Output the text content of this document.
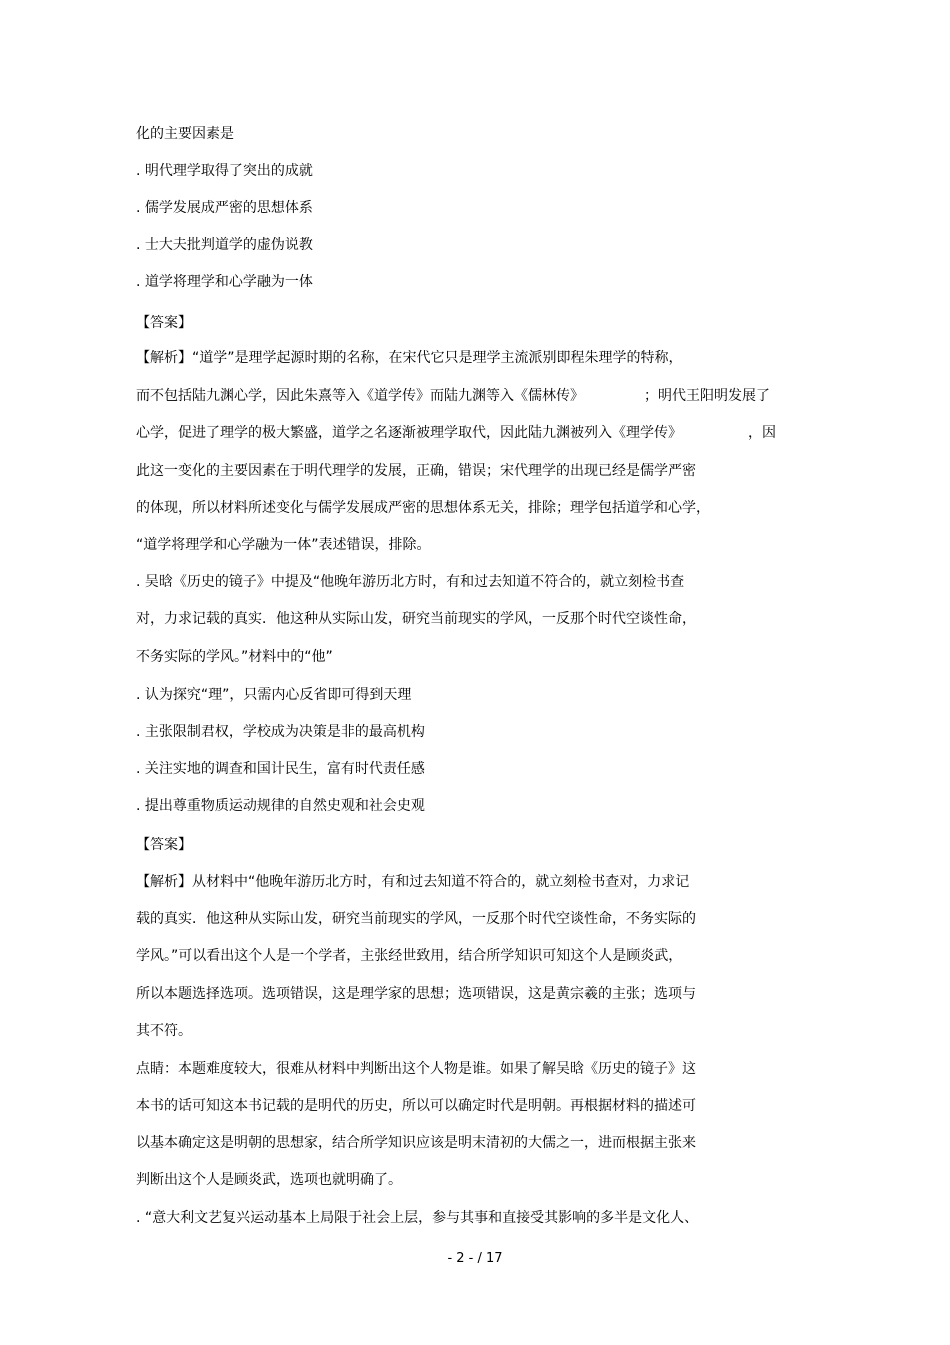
化的主要因素是
. 明代理学取得了突出的成就
. 儒学发展成严密的思想体系
. 士大夫批判道学的虚伪说教
. 道学将理学和心学融为一体
【答案】
【解析】“道学”是理学起源时期的名称，在宋代它只是理学主流派别即程朱理学的特称，
而不包括陆九渊心学，因此朱熹等入《道学传》而陆九渊等入《儒林传》	；明代王阳明发展了
心学，促进了理学的极大繁盛，道学之名逐渐被理学取代，因此陆九渊被列入《理学传》	，因
此这一变化的主要因素在于明代理学的发展，正确，错误；宋代理学的出现已经是儒学严密
的体现，所以材料所述变化与儒学发展成严密的思想体系无关，排除；理学包括道学和心学，
“道学将理学和心学融为一体”表述错误，排除。
. 吴晗《历史的镜子》中提及“他晚年游历北方时，有和过去知道不符合的，就立刻检书查
对，力求记载的真实．他这种从实际山发，研究当前现实的学风，一反那个时代空谈性命，
不务实际的学风。”材料中的“他”
. 认为探究“理”，只需内心反省即可得到天理
. 主张限制君权，学校成为决策是非的最高机构
. 关注实地的调查和国计民生，富有时代责任感
. 提出尊重物质运动规律的自然史观和社会史观
【答案】
【解析】从材料中“他晚年游历北方时，有和过去知道不符合的，就立刻检书查对，力求记
载的真实．他这种从实际山发，研究当前现实的学风，一反那个时代空谈性命，不务实际的
学风。”可以看出这个人是一个学者，主张经世致用，结合所学知识可知这个人是顾炎武，
所以本题选择选项。选项错误，这是理学家的思想；选项错误，这是黄宗羲的主张；选项与
其不符。
点睛：本题难度较大，很难从材料中判断出这个人物是谁。如果了解吴晗《历史的镜子》这
本书的话可知这本书记载的是明代的历史，所以可以确定时代是明朝。再根据材料的描述可
以基本确定这是明朝的思想家，结合所学知识应该是明末清初的大儒之一，进而根据主张来
判断出这个人是顾炎武，选项也就明确了。
. “意大利文艺复兴运动基本上局限于社会上层，参与其事和直接受其影响的多半是文化人、
- 2 - / 17
